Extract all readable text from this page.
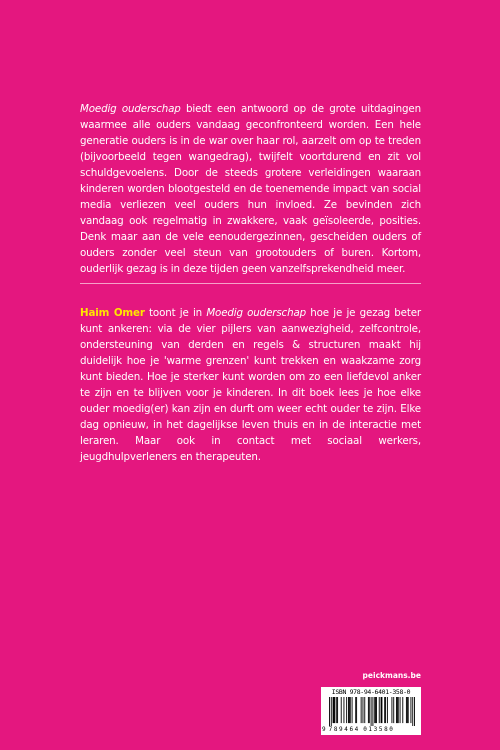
Moedig ouderschap biedt een antwoord op de grote uitdagingen waarmee alle ouders vandaag geconfronteerd worden. Een hele generatie ouders is in de war over haar rol, aarzelt om op te treden (bijvoorbeeld tegen wangedrag), twijfelt voortdurend en zit vol schuldgevoelens. Door de steeds grotere verleidingen waaraan kinderen worden blootgesteld en de toenemende impact van social media verliezen veel ouders hun invloed. Ze bevinden zich vandaag ook regelmatig in zwakkere, vaak geïsoleerde, posities. Denk maar aan de vele eenoudergezinnen, gescheiden ouders of ouders zonder veel steun van grootouders of buren. Kortom, ouderlijk gezag is in deze tijden geen vanzelfsprekendheid meer.

Haim Omer toont je in Moedig ouderschap hoe je je gezag beter kunt ankeren: via de vier pijlers van aanwezigheid, zelfcontrole, ondersteuning van derden en regels & structuren maakt hij duidelijk hoe je 'warme grenzen' kunt trekken en waakzame zorg kunt bieden. Hoe je sterker kunt worden om zo een liefdevol anker te zijn en te blijven voor je kinderen. In dit boek lees je hoe elke ouder moedig(er) kan zijn en durft om weer echt ouder te zijn. Elke dag opnieuw, in het dagelijkse leven thuis en in de interactie met leraren. Maar ook in contact met sociaal werkers, jeugdhulpverleners en therapeuten.

peickmans.be
ISBN 978-94-6401-358-0
9 789464 013580
